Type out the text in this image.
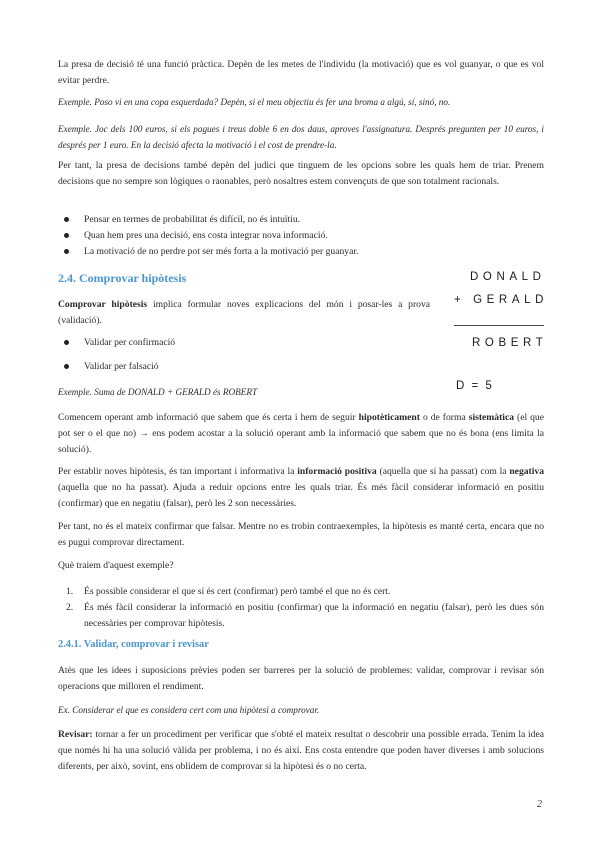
La presa de decisió té una funció pràctica. Depèn de les metes de l'individu (la motivació) que es vol guanyar, o que es vol evitar perdre.

Exemple. Poso vi en una copa esquerdada? Depèn, si el meu objectiu és fer una broma a algú, sí, sinó, no.

Exemple. Joc dels 100 euros, si els pagues i treus doble 6 en dos daus, aproves l'assignatura. Després pregunten per 10 euros, i després per 1 euro. En la decisió afecta la motivació i el cost de prendre-la.

Per tant, la presa de decisions també depèn del judici que tinguem de les opcions sobre les quals hem de triar. Prenem decisions que no sempre son lògiques o raonables, però nosaltres estem convençuts de que son totalment racionals.

Pensar en termes de probabilitat és difícil, no és intuïtiu.
Quan hem pres una decisió, ens costa integrar nova informació.
La motivació de no perdre pot ser més forta a la motivació per guanyar.
2.4. Comprovar hipòtesis

Comprovar hipòtesis implica formular noves explicacions del món i posar-les a prova (validació).

Validar per confirmació
Validar per falsació

Exemple. Suma de DONALD + GERALD és ROBERT

Comencem operant amb informació que sabem que és certa i hem de seguir hipotèticament o de forma sistemàtica (el que pot ser o el que no) → ens podem acostar a la solució operant amb la informació que sabem que no és bona (ens limita la solució).

Per establir noves hipòtesis, és tan important i informativa la informació positiva (aquella que sí ha passat) com la negativa (aquella que no ha passat). Ajuda a reduir opcions entre les quals triar. És més fàcil considerar informació en positiu (confirmar) que en negatiu (falsar), però les 2 son necessàries.

Per tant, no és el mateix confirmar que falsar. Mentre no es trobin contraexemples, la hipòtesis es manté certa, encara que no es pugui comprovar directament.

Què traiem d'aquest exemple?

1. És possible considerar el que sí és cert (confirmar) però també el que no és cert.
2. És més fàcil considerar la informació en positiu (confirmar) que la informació en negatiu (falsar), però les dues són necessàries per comprovar hipòtesis.
2.4.1. Validar, comprovar i revisar

Atès que les idees i suposicions prèvies poden ser barreres per la solució de problemes: validar, comprovar i revisar són operacions que milloren el rendiment.

Ex. Considerar el que es considera cert com una hipòtesi a comprovar.

Revisar: tornar a fer un procediment per verificar que s'obté el mateix resultat o descobrir una possible errada. Tenim la idea que només hi ha una solució vàlida per problema, i no és així. Ens costa entendre que poden haver diverses i amb solucions diferents, per això, sovint, ens oblidem de comprovar si la hipòtesi és o no certa.

DONALD
+ GERALD
ROBERT
D = 5
2
